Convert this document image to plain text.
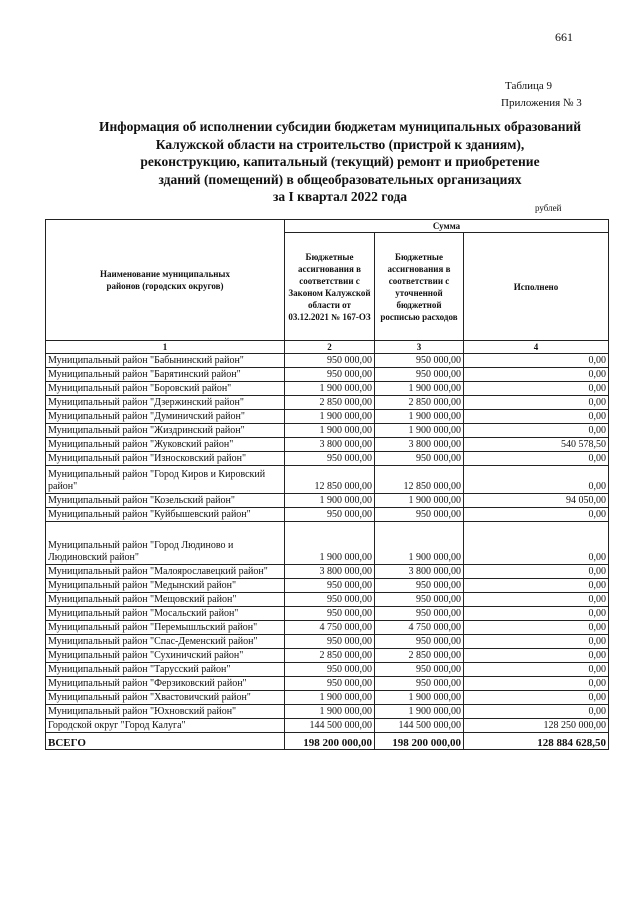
661
Таблица 9
Приложения № 3
Информация об исполнении субсидии бюджетам муниципальных образований
Калужской области на строительство (пристрой к зданиям),
реконструкцию, капитальный (текущий) ремонт и приобретение
зданий (помещений) в общеобразовательных организациях
за I квартал 2022 года
рублей
Наименование муниципальных районов (городских округов)	Сумма		
	Бюджетные ассигнования в соответствии с Законом Калужской области от 03.12.2021 № 167-ОЗ	Бюджетные ассигнования в соответствии с уточненной бюджетной росписью расходов	Исполнено
1	2	3	4
Муниципальный район "Бабынинский район"	950 000,00	950 000,00	0,00
Муниципальный район "Барятинский район"	950 000,00	950 000,00	0,00
Муниципальный район "Боровский район"	1 900 000,00	1 900 000,00	0,00
Муниципальный район "Дзержинский район"	2 850 000,00	2 850 000,00	0,00
Муниципальный район "Думиничский район"	1 900 000,00	1 900 000,00	0,00
Муниципальный район "Жиздринский район"	1 900 000,00	1 900 000,00	0,00
Муниципальный район "Жуковский район"	3 800 000,00	3 800 000,00	540 578,50
Муниципальный район "Износковский район"	950 000,00	950 000,00	0,00
Муниципальный район "Город Киров и Кировский район"	12 850 000,00	12 850 000,00	0,00
Муниципальный район "Козельский район"	1 900 000,00	1 900 000,00	94 050,00
Муниципальный район "Куйбышевский район"	950 000,00	950 000,00	0,00
Муниципальный район "Город Людиново и Людиновский район"	1 900 000,00	1 900 000,00	0,00
Муниципальный район "Малоярославецкий район"	3 800 000,00	3 800 000,00	0,00
Муниципальный район "Медынский район"	950 000,00	950 000,00	0,00
Муниципальный район "Мещовский район"	950 000,00	950 000,00	0,00
Муниципальный район "Мосальский район"	950 000,00	950 000,00	0,00
Муниципальный район "Перемышльский район"	4 750 000,00	4 750 000,00	0,00
Муниципальный район "Спас-Деменский район"	950 000,00	950 000,00	0,00
Муниципальный район "Сухиничский район"	2 850 000,00	2 850 000,00	0,00
Муниципальный район "Тарусский район"	950 000,00	950 000,00	0,00
Муниципальный район "Ферзиковский район"	950 000,00	950 000,00	0,00
Муниципальный район "Хвастовичский район"	1 900 000,00	1 900 000,00	0,00
Муниципальный район "Юхновский район"	1 900 000,00	1 900 000,00	0,00
Городской округ "Город Калуга"	144 500 000,00	144 500 000,00	128 250 000,00
ВСЕГО	198 200 000,00	198 200 000,00	128 884 628,50
